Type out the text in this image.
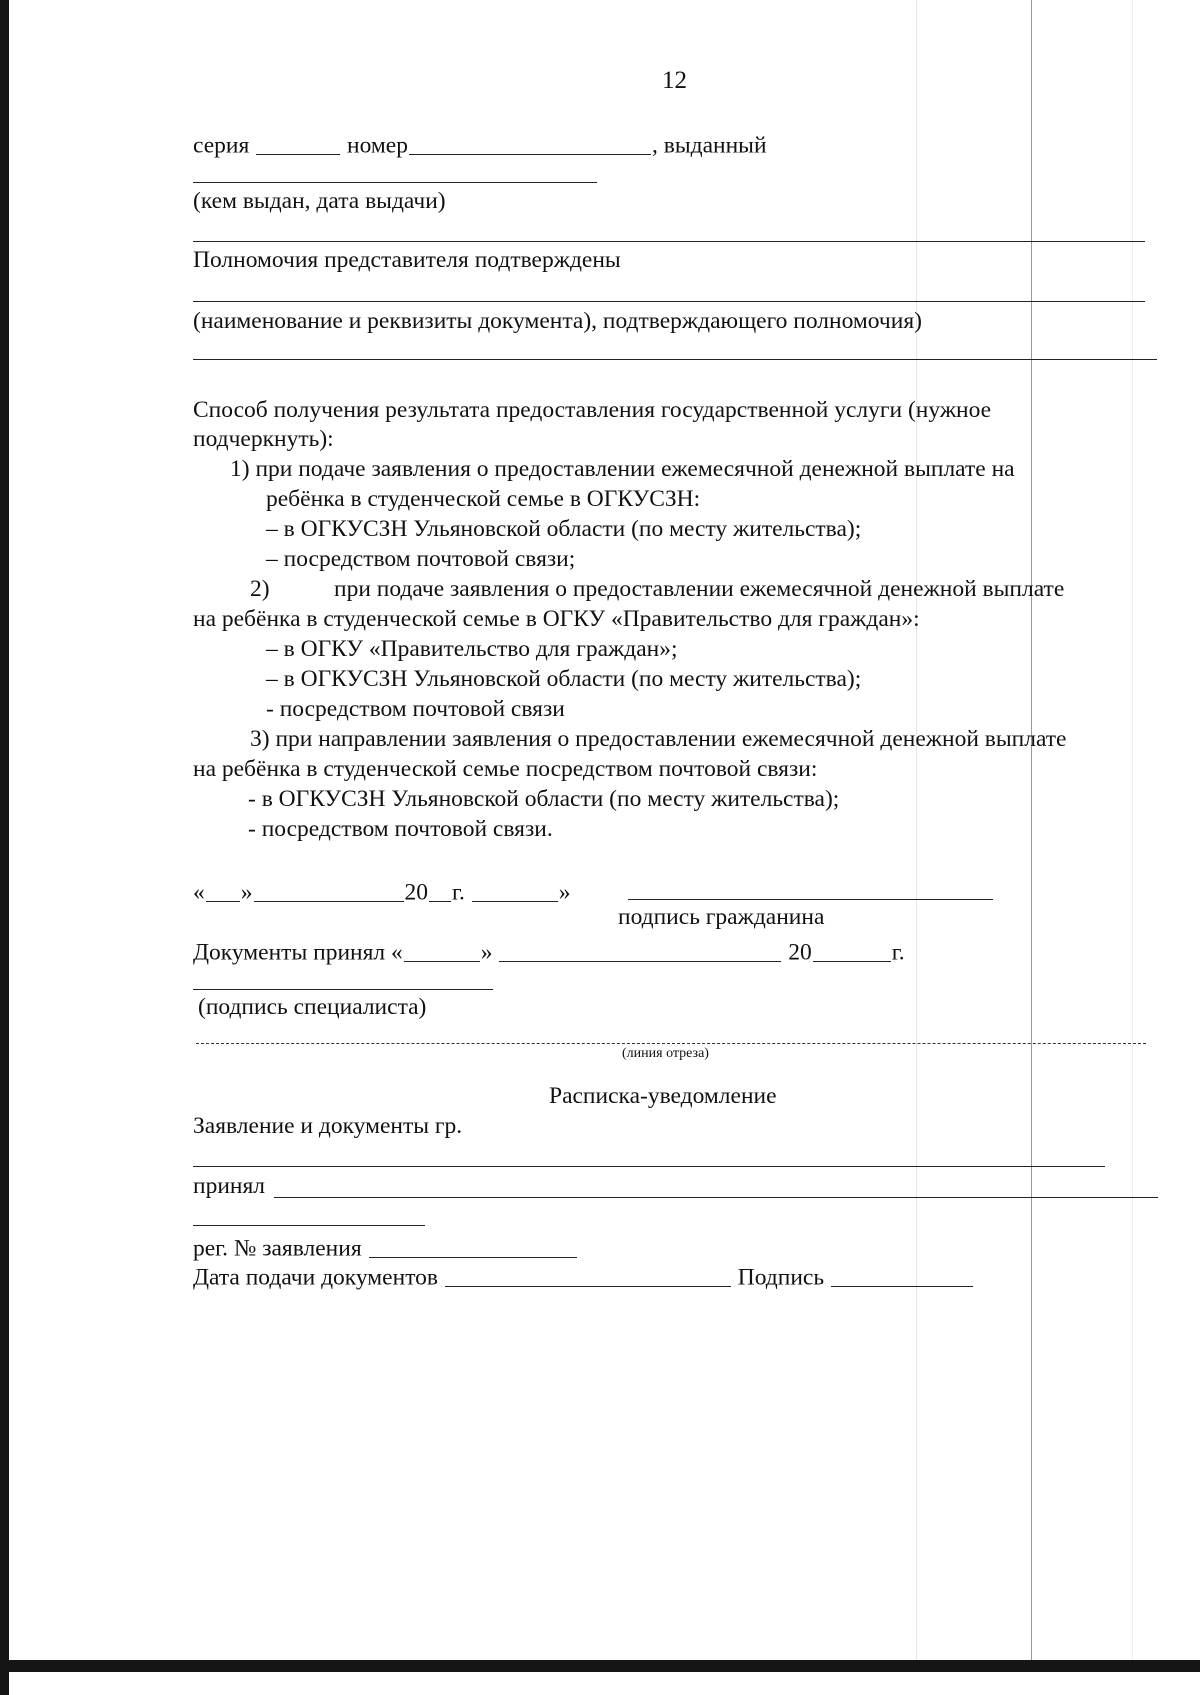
12
серия	номер	, выданный
(кем выдан, дата выдачи)
Полномочия представителя подтверждены
(наименование и реквизиты документа), подтверждающего полномочия)
Способ получения результата предоставления государственной услуги (нужное
подчеркнуть):
1) при подаче заявления о предоставлении ежемесячной денежной выплате на
ребёнка в студенческой семье в ОГКУСЗН:
– в ОГКУСЗН Ульяновской области (по месту жительства);
– посредством почтовой связи;
2)	при подаче заявления о предоставлении ежемесячной денежной выплате
на ребёнка в студенческой семье в ОГКУ «Правительство для граждан»:
– в ОГКУ «Правительство для граждан»;
– в ОГКУСЗН Ульяновской области (по месту жительства);
- посредством почтовой связи
3) при направлении заявления о предоставлении ежемесячной денежной выплате
на ребёнка в студенческой семье посредством почтовой связи:
- в ОГКУСЗН Ульяновской области (по месту жительства);
- посредством почтовой связи.
« »	20 г.	»
подпись гражданина
Документы принял «	»	20	г.
(подпись специалиста)
(линия отреза)
Расписка-уведомление
Заявление и документы гр.
принял
рег. № заявления
Дата подачи документов	Подпись
